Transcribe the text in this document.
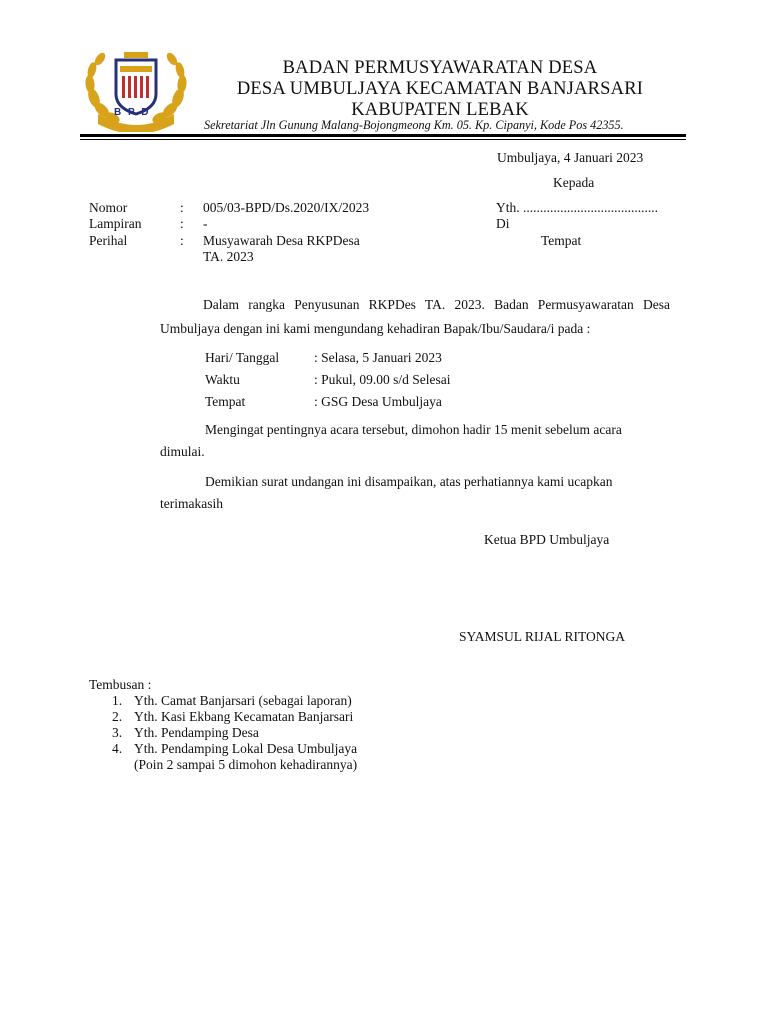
B P D
BADAN PERMUSYAWARATAN DESA
DESA UMBULJAYA KECAMATAN BANJARSARI
KABUPATEN LEBAK
Sekretariat Jln Gunung Malang-Bojongmeong Km. 05. Kp. Cipanyi, Kode Pos 42355.
Umbuljaya, 4 Januari 2023
Kepada
Nomor	: 005/03-BPD/Ds.2020/IX/2023
Lampiran	: -
Perihal	: Musyawarah Desa RKPDesa
TA. 2023
Yth. ........................................
Di
Tempat
Dalam rangka Penyusunan RKPDes TA. 2023. Badan Permusyawaratan Desa Umbuljaya dengan ini kami mengundang kehadiran Bapak/Ibu/Saudara/i pada :
Hari/ Tanggal	: Selasa, 5 Januari 2023
Waktu	: Pukul, 09.00 s/d Selesai
Tempat	: GSG Desa Umbuljaya
Mengingat pentingnya acara tersebut, dimohon hadir 15 menit sebelum acara
dimulai.
Demikian surat undangan ini disampaikan, atas perhatiannya kami ucapkan
terimakasih
Ketua BPD Umbuljaya
SYAMSUL RIJAL RITONGA
Tembusan :
1. Yth. Camat Banjarsari (sebagai laporan)
2. Yth. Kasi Ekbang Kecamatan Banjarsari
3. Yth. Pendamping Desa
4. Yth. Pendamping Lokal Desa Umbuljaya
(Poin 2 sampai 5 dimohon kehadirannya)
